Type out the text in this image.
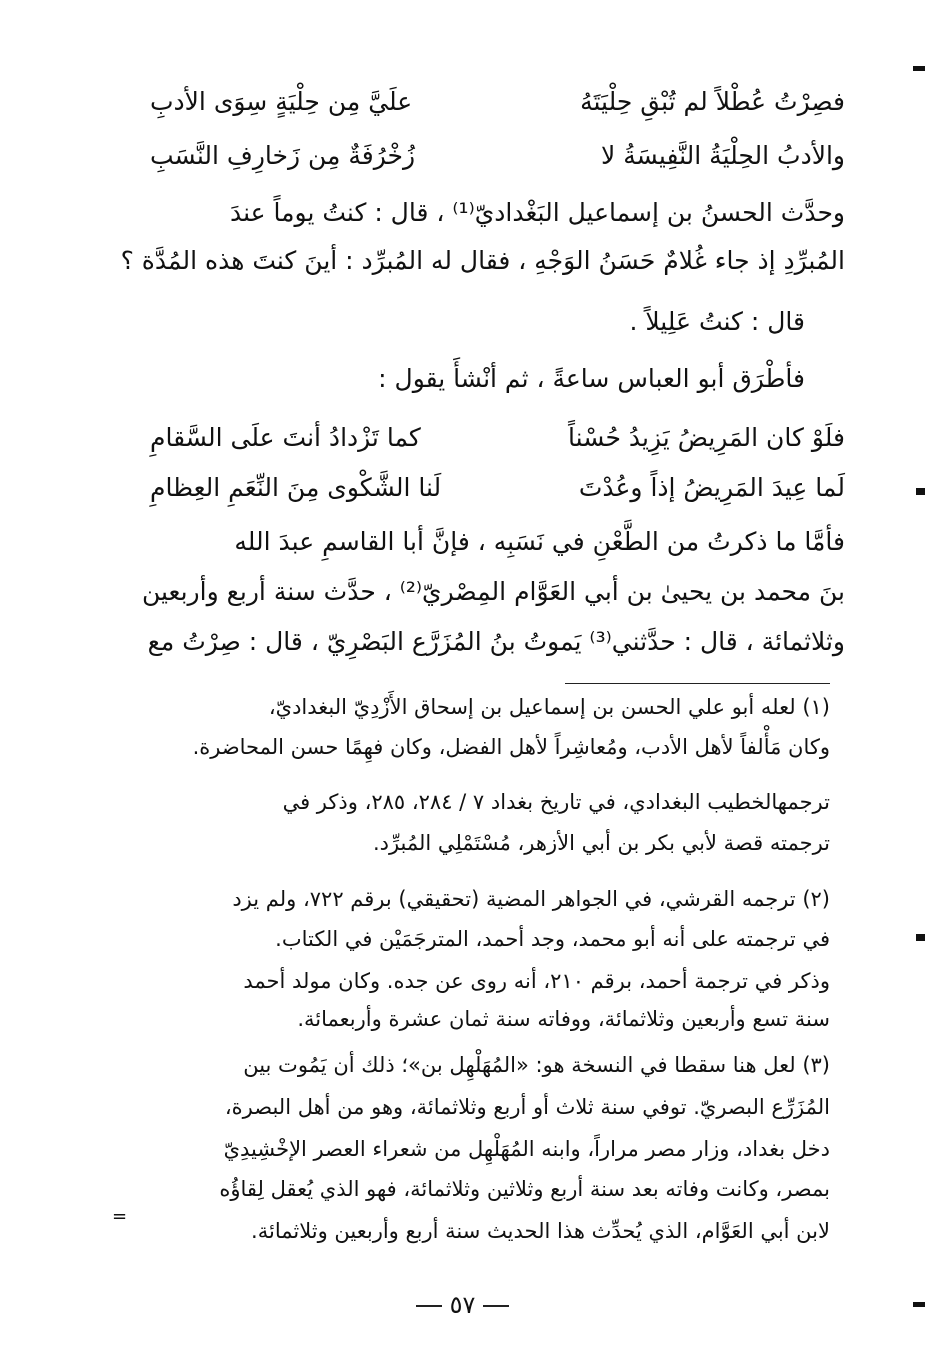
فصِرْتُ عُطْلاً لم تُبْقِ حِلْيَتَهُ
علَيَّ مِن حِلْيَةٍ سِوَى الأدبِ
والأدبُ الحِلْيَةُ النَّفِيسَةُ لا
زُخْرُفَةٌ مِن زَخارِفِ النَّسَبِ
وحدَّث الحسنُ بن إسماعيل البَغْداديّ⁽¹⁾ ، قال : كنتُ يوماً عندَ
المُبرِّدِ إذ جاء غُلامٌ حَسَنُ الوَجْهِ ، فقال له المُبرِّد : أينَ كنتَ هذه المُدَّة ؟
قال : كنتُ عَلِيلاً .
فأطْرَق أبو العباس ساعةً ، ثم أنْشأَ يقول :
فلَوْ كان المَرِيضُ يَزِيدُ حُسْناً
كما تَزْدادُ أنتَ علَى السَّقامِ
لَما عِيدَ المَرِيضُ إذاً وعُدْتَ
لَنا الشَّكْوى مِنَ النِّعَمِ العِظامِ
فأمَّا ما ذكرتُ من الطَّعْنِ في نَسَبِه ، فإنَّ أبا القاسمِ عبدَ الله
بنَ محمد بن يحيىٰ بن أبي العَوَّام المِصْريّ⁽²⁾ ، حدَّث سنة أربع وأربعين
وثلاثمائة ، قال : حدَّثني⁽³⁾ يَموتُ بنُ المُزَرَّع البَصْرِيّ ، قال : صِرْتُ مع
(١) لعله أبو علي الحسن بن إسماعيل بن إسحاق الأَزْدِيّ البغداديّ،
وكان مَأْلفاً لأهل الأدب، ومُعاشِراً لأهل الفضل، وكان فهِمًا حسن المحاضرة.
ترجمهالخطيب البغدادي، في تاريخ بغداد ٧ / ٢٨٤، ٢٨٥، وذكر في
ترجمته قصة لأبي بكر بن أبي الأزهر، مُسْتَمْلِي المُبرِّد.
(٢) ترجمه القرشي، في الجواهر المضية (تحقيقي) برقم ٧٢٢، ولم يزد
في ترجمته على أنه أبو محمد، وجد أحمد، المترجَمَيْن في الكتاب.
وذكر في ترجمة أحمد، برقم ٢١٠، أنه روى عن جده. وكان مولد أحمد
سنة تسع وأربعين وثلاثمائة، ووفاته سنة ثمان عشرة وأربعمائة.
(٣) لعل هنا سقطا في النسخة هو: «المُهَلْهِل بن»؛ ذلك أن يَمُوت بين
المُزَرِّع البصريّ. توفي سنة ثلاث أو أربع وثلاثمائة، وهو من أهل البصرة،
دخل بغداد، وزار مصر مراراً، وابنه المُهَلْهِل من شعراء العصر الإخْشِيدِيّ
بمصر، وكانت وفاته بعد سنة أربع وثلاثين وثلاثمائة، فهو الذي يُعقل لِقاؤُه
لابن أبي العَوَّام، الذي يُحدِّث هذا الحديث سنة أربع وأربعين وثلاثمائة.
=
٥٧
